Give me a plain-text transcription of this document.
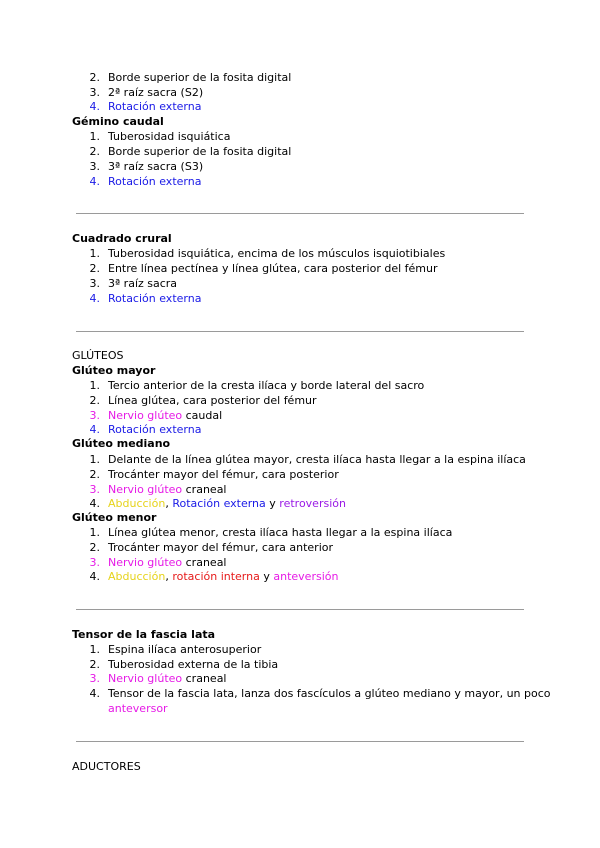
2. Borde superior de la fosita digital
3. 2ª raíz sacra (S2)
4. Rotación externa
Gémino caudal
1. Tuberosidad isquiática
2. Borde superior de la fosita digital
3. 3ª raíz sacra (S3)
4. Rotación externa
Cuadrado crural
1. Tuberosidad isquiática, encima de los músculos isquiotibiales
2. Entre línea pectínea y línea glútea, cara posterior del fémur
3. 3ª raíz sacra
4. Rotación externa
GLÚTEOS
Glúteo mayor
1. Tercio anterior de la cresta ilíaca y borde lateral del sacro
2. Línea glútea, cara posterior del fémur
3. Nervio glúteo caudal
4. Rotación externa
Glúteo mediano
1. Delante de la línea glútea mayor, cresta ilíaca hasta llegar a la espina ilíaca
2. Trocánter mayor del fémur, cara posterior
3. Nervio glúteo craneal
4. Abducción, Rotación externa y retroversión
Glúteo menor
1. Línea glútea menor, cresta ilíaca hasta llegar a la espina ilíaca
2. Trocánter mayor del fémur, cara anterior
3. Nervio glúteo craneal
4. Abducción, rotación interna y anteversión
Tensor de la fascia lata
1. Espina ilíaca anterosuperior
2. Tuberosidad externa de la tibia
3. Nervio glúteo craneal
4. Tensor de la fascia lata, lanza dos fascículos a glúteo mediano y mayor, un poco
anteversor
ADUCTORES
